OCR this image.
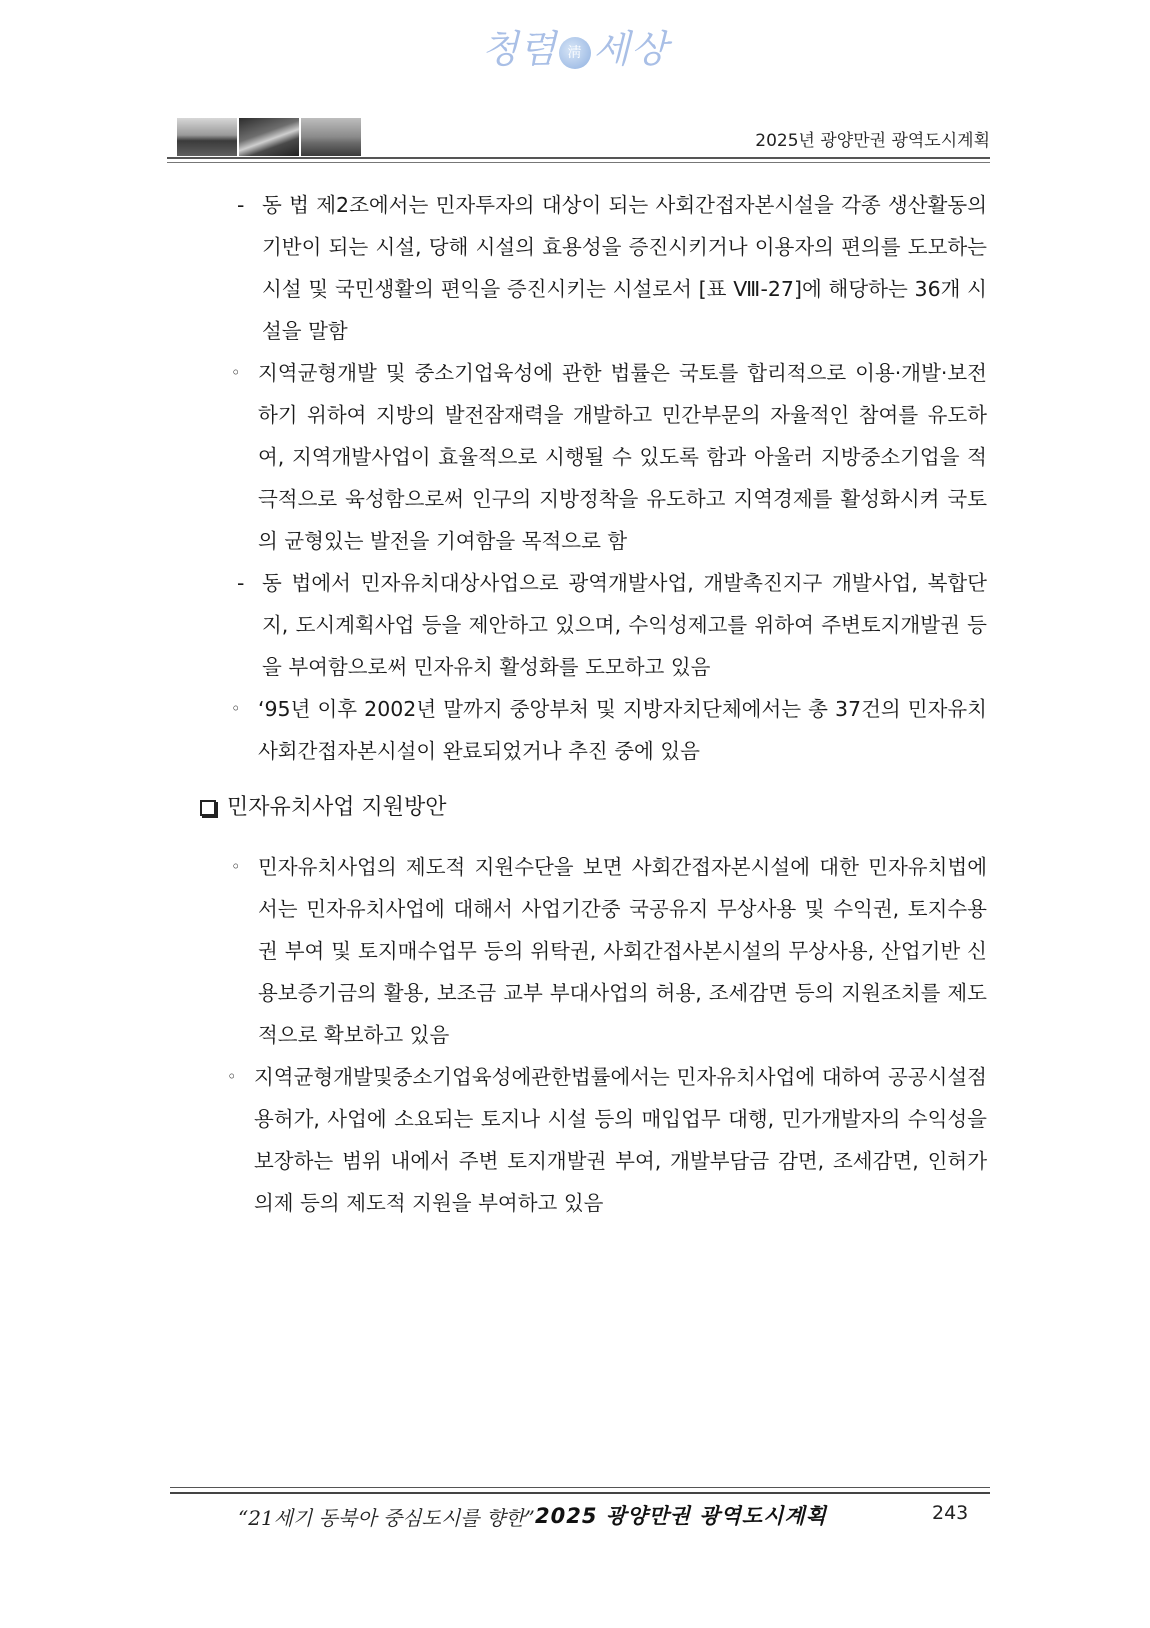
청렴 淸 세상
2025년 광양만권 광역도시계획
- 동 법 제2조에서는 민자투자의 대상이 되는 사회간접자본시설을 각종 생산활동의 기반이 되는 시설, 당해 시설의 효용성을 증진시키거나 이용자의 편의를 도모하는 시설 및 국민생활의 편익을 증진시키는 시설로서 [표 Ⅷ-27]에 해당하는 36개 시설을 말함
◦ 지역균형개발 및 중소기업육성에 관한 법률은 국토를 합리적으로 이용·개발·보전하기 위하여 지방의 발전잠재력을 개발하고 민간부문의 자율적인 참여를 유도하여, 지역개발사업이 효율적으로 시행될 수 있도록 함과 아울러 지방중소기업을 적극적으로 육성함으로써 인구의 지방정착을 유도하고 지역경제를 활성화시켜 국토의 균형있는 발전을 기여함을 목적으로 함
- 동 법에서 민자유치대상사업으로 광역개발사업, 개발촉진지구 개발사업, 복합단지, 도시계획사업 등을 제안하고 있으며, 수익성제고를 위하여 주변토지개발권 등을 부여함으로써 민자유치 활성화를 도모하고 있음
◦ ‘95년 이후 2002년 말까지 중앙부처 및 지방자치단체에서는 총 37건의 민자유치 사회간접자본시설이 완료되었거나 추진 중에 있음
민자유치사업 지원방안
◦ 민자유치사업의 제도적 지원수단을 보면 사회간접자본시설에 대한 민자유치법에서는 민자유치사업에 대해서 사업기간중 국공유지 무상사용 및 수익권, 토지수용권 부여 및 토지매수업무 등의 위탁권, 사회간접사본시설의 무상사용, 산업기반 신용보증기금의 활용, 보조금 교부 부대사업의 허용, 조세감면 등의 지원조치를 제도적으로 확보하고 있음
◦ 지역균형개발및중소기업육성에관한법률에서는 민자유치사업에 대하여 공공시설점용허가, 사업에 소요되는 토지나 시설 등의 매입업무 대행, 민가개발자의 수익성을 보장하는 범위 내에서 주변 토지개발권 부여, 개발부담금 감면, 조세감면, 인허가 의제 등의 제도적 지원을 부여하고 있음
“21세기 동북아 중심도시를 향한” 2025 광양만권 광역도시계획	243
